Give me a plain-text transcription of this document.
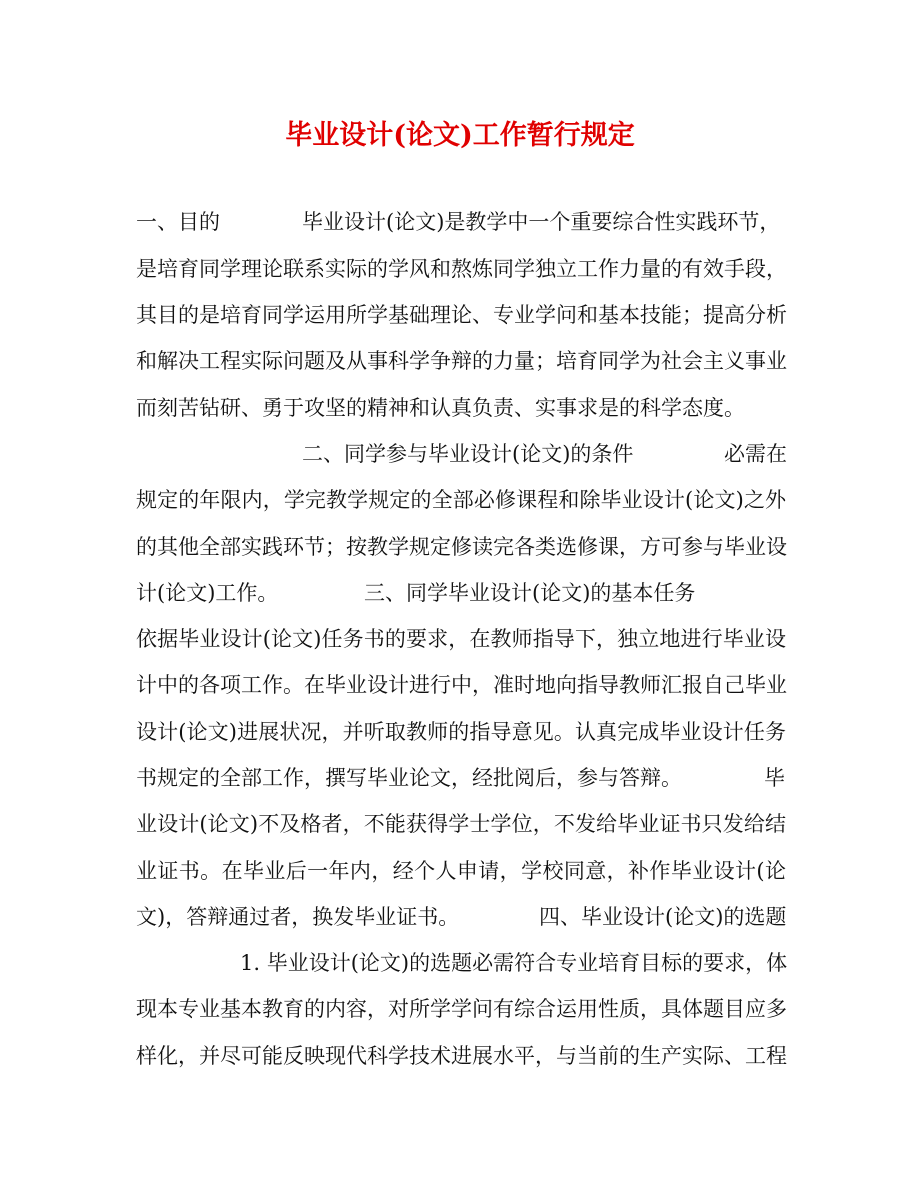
毕业设计(论文)工作暂行规定
一、目的	毕业设计(论文)是教学中一个重要综合性实践环节，
是培育同学理论联系实际的学风和熬炼同学独立工作力量的有效手段，
其目的是培育同学运用所学基础理论、专业学问和基本技能；提高分析
和解决工程实际问题及从事科学争辩的力量；培育同学为社会主义事业
而刻苦钻研、勇于攻坚的精神和认真负责、实事求是的科学态度。
二、同学参与毕业设计(论文)的条件	必需在
规定的年限内，学完教学规定的全部必修课程和除毕业设计(论文)之外
的其他全部实践环节；按教学规定修读完各类选修课，方可参与毕业设
计(论文)工作。	三、同学毕业设计(论文)的基本任务
依据毕业设计(论文)任务书的要求，在教师指导下，独立地进行毕业设
计中的各项工作。在毕业设计进行中，准时地向指导教师汇报自己毕业
设计(论文)进展状况，并听取教师的指导意见。认真完成毕业设计任务
书规定的全部工作，撰写毕业论文，经批阅后，参与答辩。	毕
业设计(论文)不及格者，不能获得学士学位，不发给毕业证书只发给结
业证书。在毕业后一年内，经个人申请，学校同意，补作毕业设计(论
文)，答辩通过者，换发毕业证书。	四、毕业设计(论文)的选题
1. 毕业设计(论文)的选题必需符合专业培育目标的要求，体
现本专业基本教育的内容，对所学学问有综合运用性质，具体题目应多
样化，并尽可能反映现代科学技术进展水平，与当前的生产实际、工程
